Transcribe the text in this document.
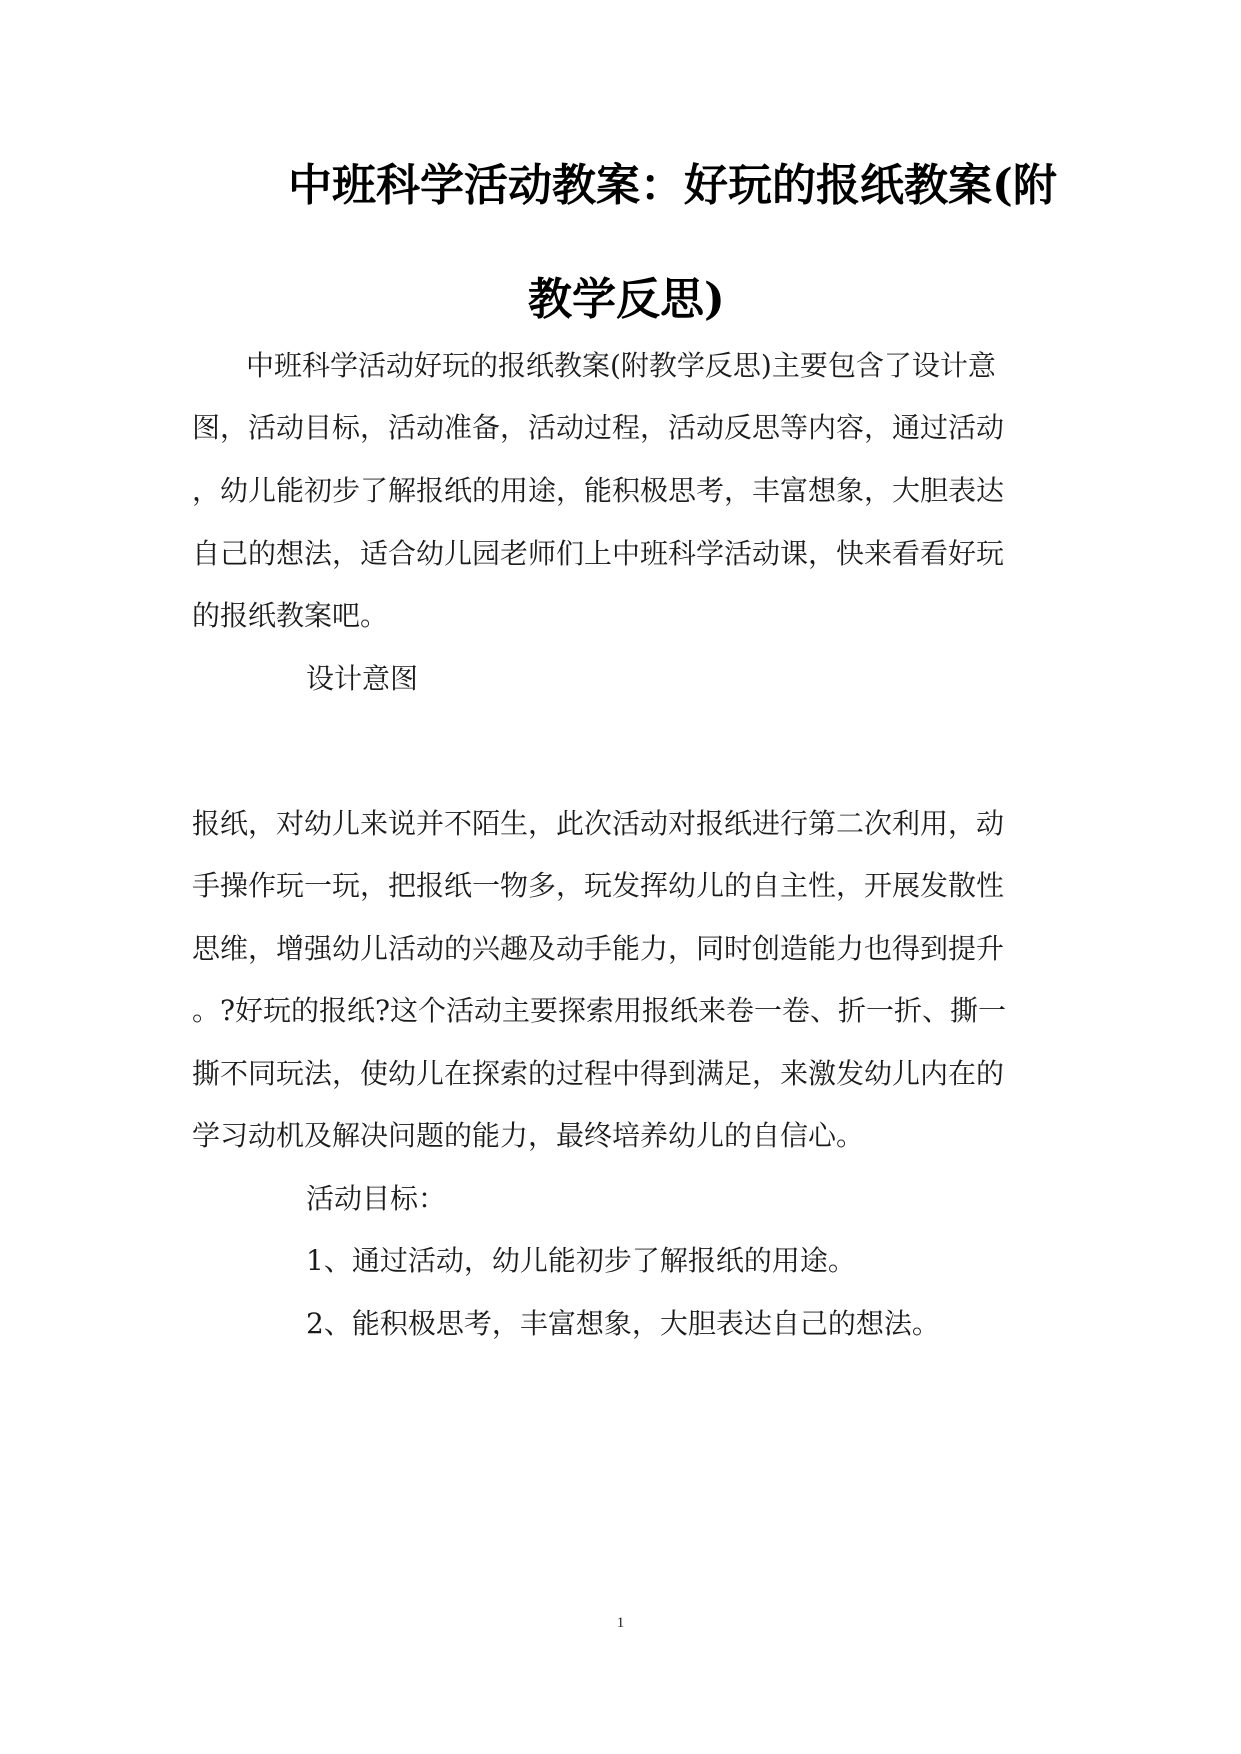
中班科学活动教案：好玩的报纸教案(附
教学反思)
中班科学活动好玩的报纸教案(附教学反思)主要包含了设计意
图，活动目标，活动准备，活动过程，活动反思等内容，通过活动
，幼儿能初步了解报纸的用途，能积极思考，丰富想象，大胆表达
自己的想法，适合幼儿园老师们上中班科学活动课，快来看看好玩
的报纸教案吧。
设计意图
报纸，对幼儿来说并不陌生，此次活动对报纸进行第二次利用，动
手操作玩一玩，把报纸一物多，玩发挥幼儿的自主性，开展发散性
思维，增强幼儿活动的兴趣及动手能力，同时创造能力也得到提升
。?好玩的报纸?这个活动主要探索用报纸来卷一卷、折一折、撕一
撕不同玩法，使幼儿在探索的过程中得到满足，来激发幼儿内在的
学习动机及解决问题的能力，最终培养幼儿的自信心。
活动目标：
1、通过活动，幼儿能初步了解报纸的用途。
2、能积极思考，丰富想象，大胆表达自己的想法。
1
